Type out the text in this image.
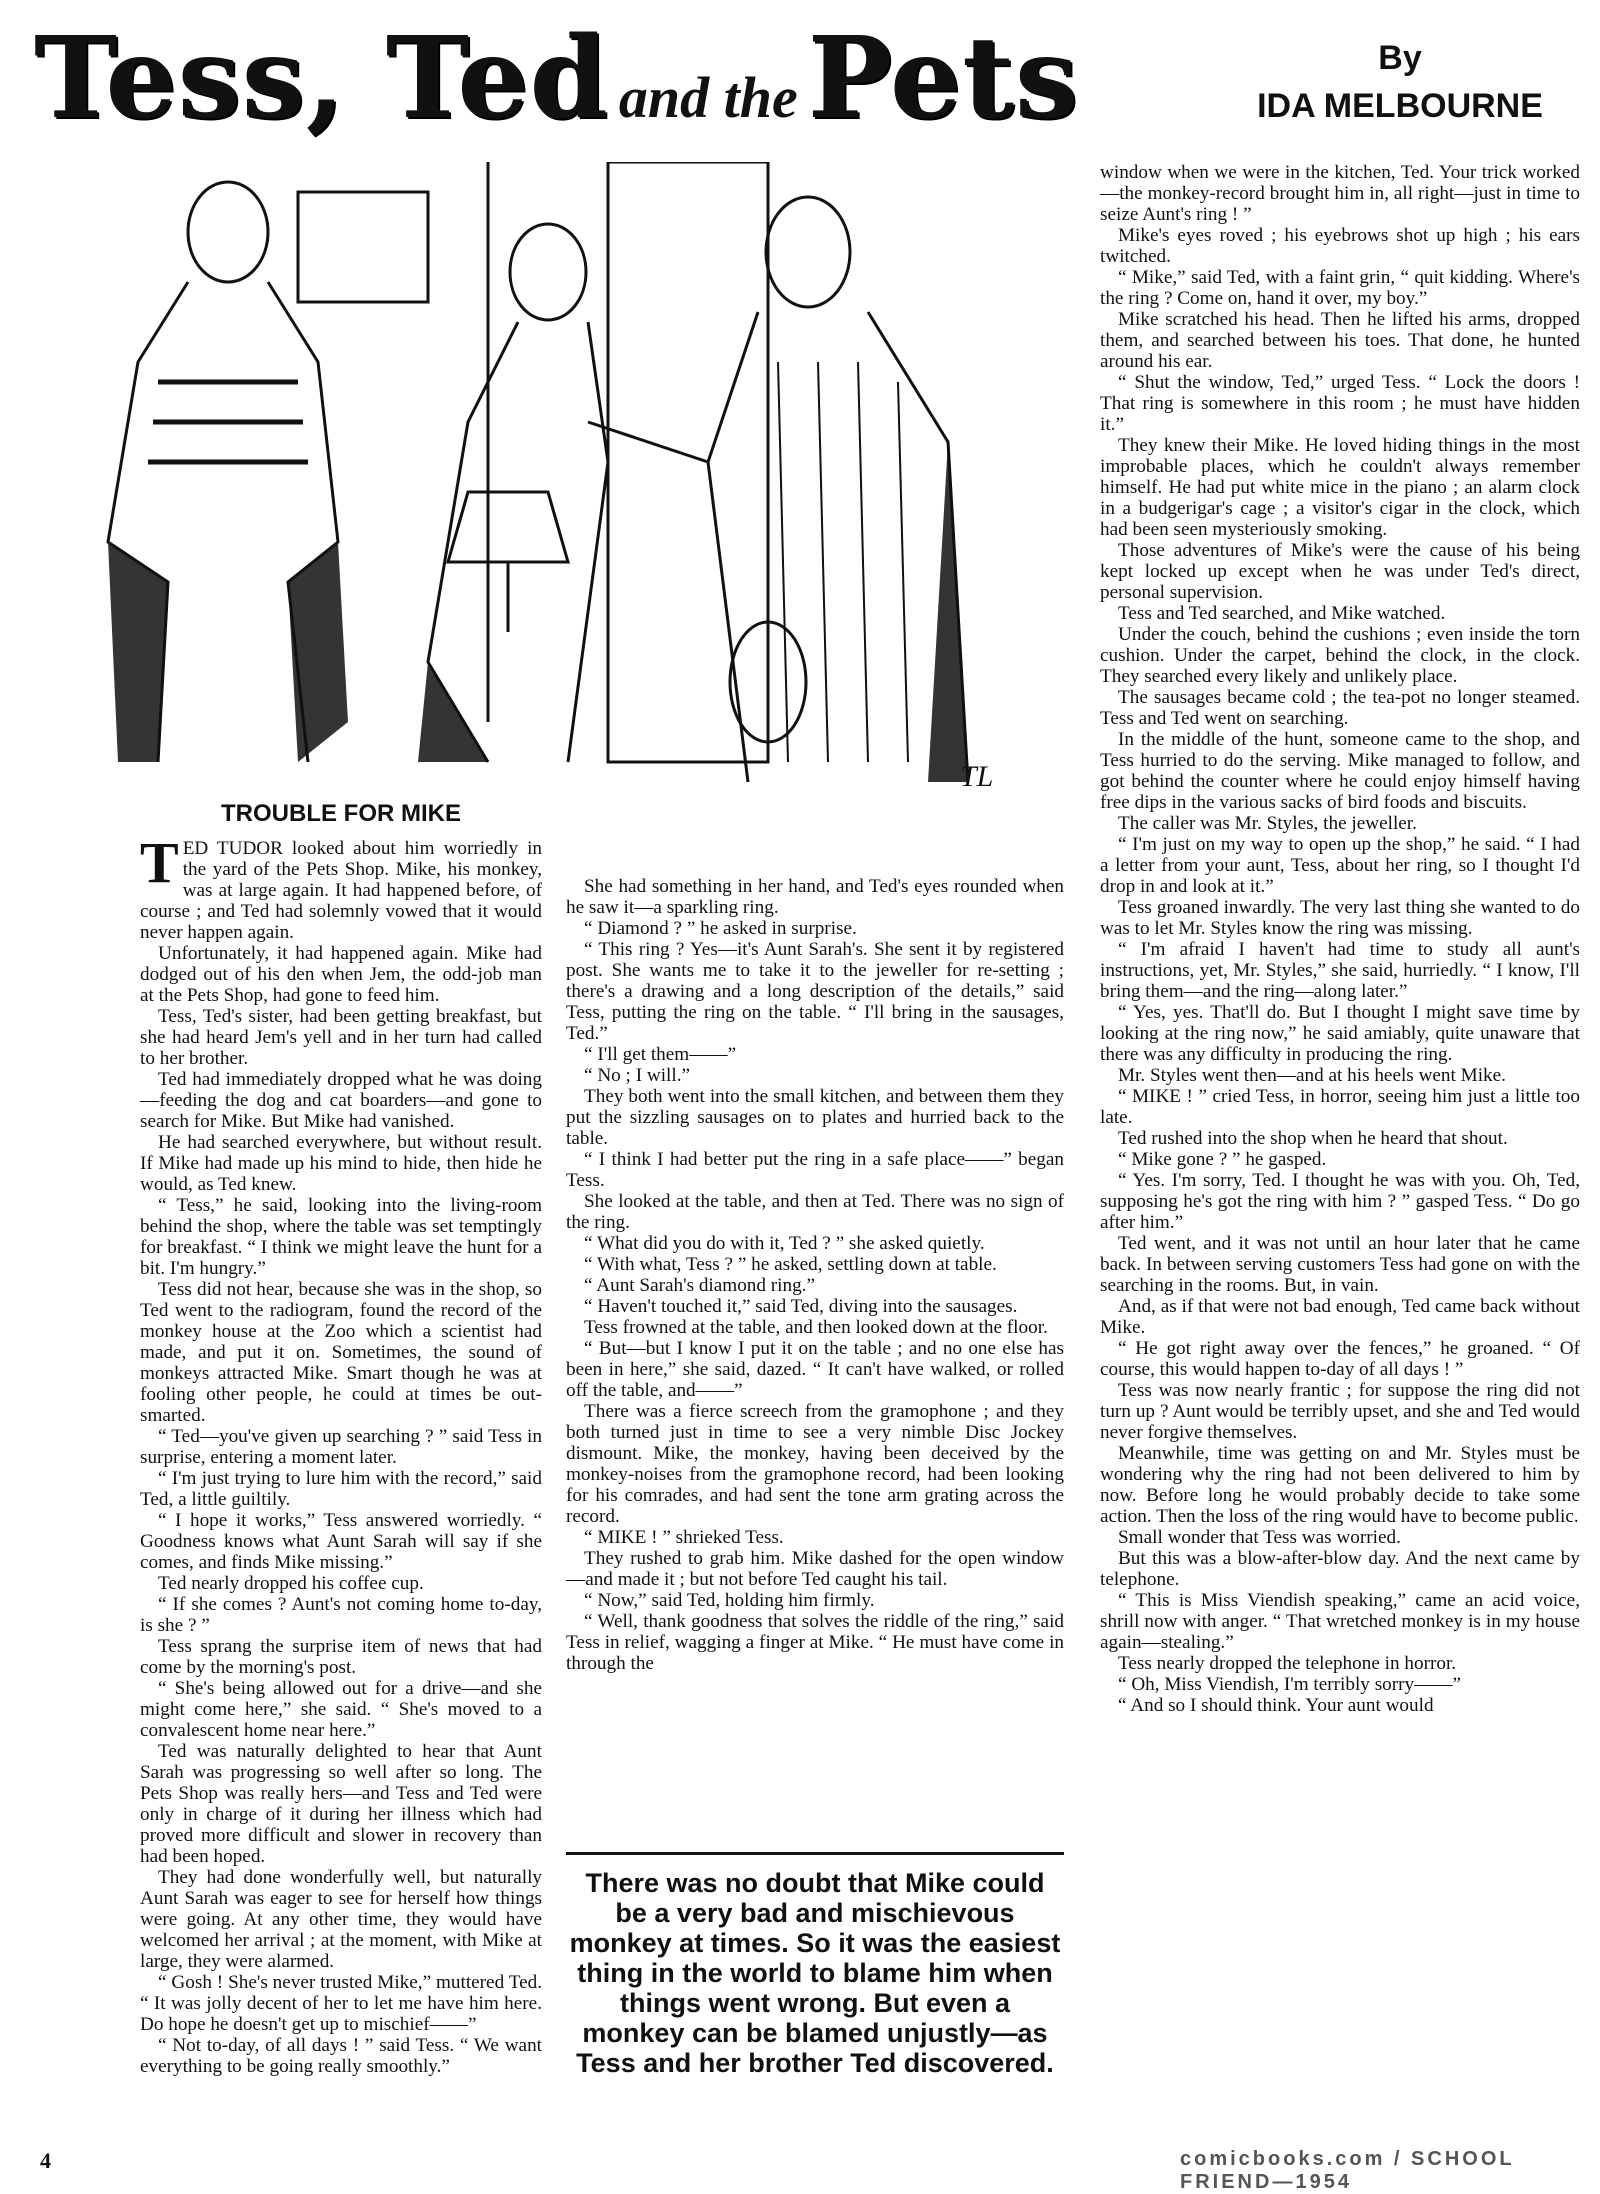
Tess, Ted and thePets	By
IDA MELBOURNE
TL
TROUBLE FOR MIKE

TED TUDOR looked about him worriedly in the yard of the Pets Shop. Mike, his monkey, was at large again. It had happened before, of course ; and Ted had solemnly vowed that it would never happen again.

Unfortunately, it had happened again. Mike had dodged out of his den when Jem, the odd-job man at the Pets Shop, had gone to feed him.

Tess, Ted's sister, had been getting breakfast, but she had heard Jem's yell and in her turn had called to her brother.

Ted had immediately dropped what he was doing—feeding the dog and cat boarders—and gone to search for Mike. But Mike had vanished.

He had searched everywhere, but without result. If Mike had made up his mind to hide, then hide he would, as Ted knew.

“ Tess,” he said, looking into the living-room behind the shop, where the table was set temptingly for breakfast. “ I think we might leave the hunt for a bit. I'm hungry.”

Tess did not hear, because she was in the shop, so Ted went to the radiogram, found the record of the monkey house at the Zoo which a scientist had made, and put it on. Sometimes, the sound of monkeys attracted Mike. Smart though he was at fooling other people, he could at times be out-smarted.

“ Ted—you've given up searching ? ” said Tess in surprise, entering a moment later.

“ I'm just trying to lure him with the record,” said Ted, a little guiltily.

“ I hope it works,” Tess answered worriedly. “ Goodness knows what Aunt Sarah will say if she comes, and finds Mike missing.”

Ted nearly dropped his coffee cup.

“ If she comes ? Aunt's not coming home to-day, is she ? ”

Tess sprang the surprise item of news that had come by the morning's post.

“ She's being allowed out for a drive—and she might come here,” she said. “ She's moved to a convalescent home near here.”

Ted was naturally delighted to hear that Aunt Sarah was progressing so well after so long. The Pets Shop was really hers—and Tess and Ted were only in charge of it during her illness which had proved more difficult and slower in recovery than had been hoped.

They had done wonderfully well, but naturally Aunt Sarah was eager to see for herself how things were going. At any other time, they would have welcomed her arrival ; at the moment, with Mike at large, they were alarmed.

“ Gosh ! She's never trusted Mike,” muttered Ted. “ It was jolly decent of her to let me have him here. Do hope he doesn't get up to mischief——”

“ Not to-day, of all days ! ” said Tess. “ We want everything to be going really smoothly.”

She had something in her hand, and Ted's eyes rounded when he saw it—a sparkling ring.

“ Diamond ? ” he asked in surprise.

“ This ring ? Yes—it's Aunt Sarah's. She sent it by registered post. She wants me to take it to the jeweller for re-setting ; there's a drawing and a long description of the details,” said Tess, putting the ring on the table. “ I'll bring in the sausages, Ted.”

“ I'll get them——”

“ No ; I will.”

They both went into the small kitchen, and between them they put the sizzling sausages on to plates and hurried back to the table.

“ I think I had better put the ring in a safe place——” began Tess.

She looked at the table, and then at Ted. There was no sign of the ring.

“ What did you do with it, Ted ? ” she asked quietly.

“ With what, Tess ? ” he asked, settling down at table.

“ Aunt Sarah's diamond ring.”

“ Haven't touched it,” said Ted, diving into the sausages.

Tess frowned at the table, and then looked down at the floor.

“ But—but I know I put it on the table ; and no one else has been in here,” she said, dazed. “ It can't have walked, or rolled off the table, and——”

There was a fierce screech from the gramophone ; and they both turned just in time to see a very nimble Disc Jockey dismount. Mike, the monkey, having been deceived by the monkey-noises from the gramophone record, had been looking for his comrades, and had sent the tone arm grating across the record.

“ MIKE ! ” shrieked Tess.

They rushed to grab him. Mike dashed for the open window—and made it ; but not before Ted caught his tail.

“ Now,” said Ted, holding him firmly.

“ Well, thank goodness that solves the riddle of the ring,” said Tess in relief, wagging a finger at Mike. “ He must have come in through the

There was no doubt that Mike could be a very bad and mischievous monkey at times. So it was the easiest thing in the world to blame him when things went wrong. But even a monkey can be blamed unjustly—as Tess and her brother Ted discovered.

window when we were in the kitchen, Ted. Your trick worked—the monkey-record brought him in, all right—just in time to seize Aunt's ring ! ”

Mike's eyes roved ; his eyebrows shot up high ; his ears twitched.

“ Mike,” said Ted, with a faint grin, “ quit kidding. Where's the ring ? Come on, hand it over, my boy.”

Mike scratched his head. Then he lifted his arms, dropped them, and searched between his toes. That done, he hunted around his ear.

“ Shut the window, Ted,” urged Tess. “ Lock the doors ! That ring is somewhere in this room ; he must have hidden it.”

They knew their Mike. He loved hiding things in the most improbable places, which he couldn't always remember himself. He had put white mice in the piano ; an alarm clock in a budgerigar's cage ; a visitor's cigar in the clock, which had been seen mysteriously smoking.

Those adventures of Mike's were the cause of his being kept locked up except when he was under Ted's direct, personal supervision.

Tess and Ted searched, and Mike watched.

Under the couch, behind the cushions ; even inside the torn cushion. Under the carpet, behind the clock, in the clock. They searched every likely and unlikely place.

The sausages became cold ; the tea-pot no longer steamed. Tess and Ted went on searching.

In the middle of the hunt, someone came to the shop, and Tess hurried to do the serving. Mike managed to follow, and got behind the counter where he could enjoy himself having free dips in the various sacks of bird foods and biscuits.

The caller was Mr. Styles, the jeweller.

“ I'm just on my way to open up the shop,” he said. “ I had a letter from your aunt, Tess, about her ring, so I thought I'd drop in and look at it.”

Tess groaned inwardly. The very last thing she wanted to do was to let Mr. Styles know the ring was missing.

“ I'm afraid I haven't had time to study all aunt's instructions, yet, Mr. Styles,” she said, hurriedly. “ I know, I'll bring them—and the ring—along later.”

“ Yes, yes. That'll do. But I thought I might save time by looking at the ring now,” he said amiably, quite unaware that there was any difficulty in producing the ring.

Mr. Styles went then—and at his heels went Mike.

“ MIKE ! ” cried Tess, in horror, seeing him just a little too late.

Ted rushed into the shop when he heard that shout.

“ Mike gone ? ” he gasped.

“ Yes. I'm sorry, Ted. I thought he was with you. Oh, Ted, supposing he's got the ring with him ? ” gasped Tess. “ Do go after him.”

Ted went, and it was not until an hour later that he came back. In between serving customers Tess had gone on with the searching in the rooms. But, in vain.

And, as if that were not bad enough, Ted came back without Mike.

“ He got right away over the fences,” he groaned. “ Of course, this would happen to-day of all days ! ”

Tess was now nearly frantic ; for suppose the ring did not turn up ? Aunt would be terribly upset, and she and Ted would never forgive themselves.

Meanwhile, time was getting on and Mr. Styles must be wondering why the ring had not been delivered to him by now. Before long he would probably decide to take some action. Then the loss of the ring would have to become public.

Small wonder that Tess was worried.

But this was a blow-after-blow day. And the next came by telephone.

“ This is Miss Viendish speaking,” came an acid voice, shrill now with anger. “ That wretched monkey is in my house again—stealing.”

Tess nearly dropped the telephone in horror.

“ Oh, Miss Viendish, I'm terribly sorry——”

“ And so I should think. Your aunt would

4	comicbooks.com / SCHOOL FRIEND—1954
